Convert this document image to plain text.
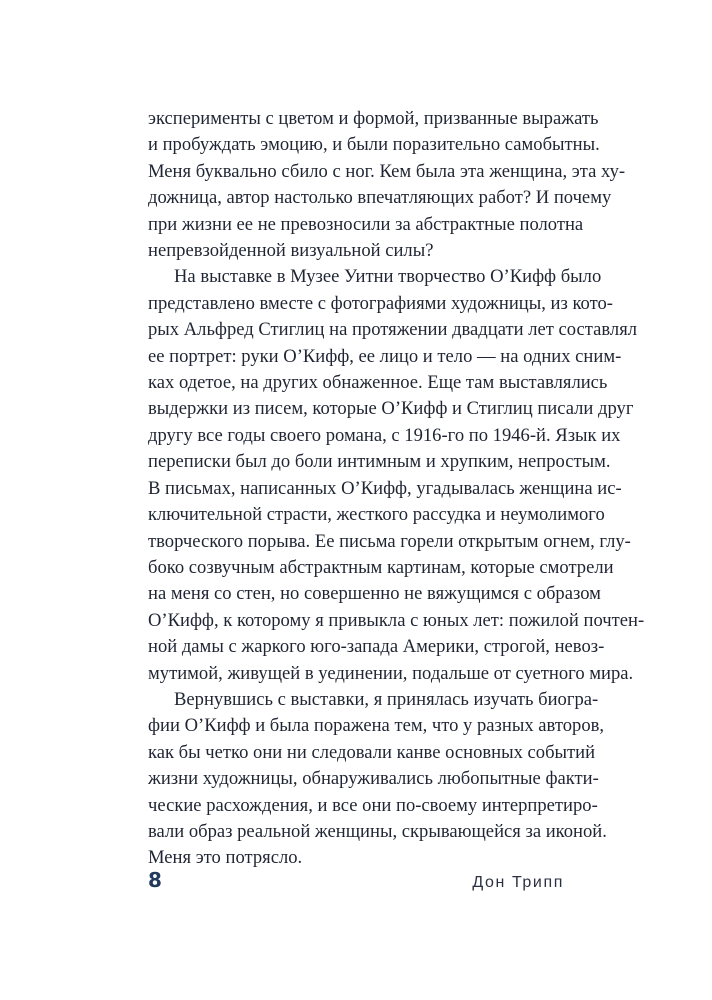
эксперименты с цветом и формой, призванные выражать
и пробуждать эмоцию, и были поразительно самобытны.
Меня буквально сбило с ног. Кем была эта женщина, эта ху-
дожница, автор настолько впечатляющих работ? И почему
при жизни ее не превозносили за абстрактные полотна
непревзойденной визуальной силы?
На выставке в Музее Уитни творчество О’Кифф было
представлено вместе с фотографиями художницы, из кото-
рых Альфред Стиглиц на протяжении двадцати лет составлял
ее портрет: руки О’Кифф, ее лицо и тело — на одних сним-
ках одетое, на других обнаженное. Еще там выставлялись
выдержки из писем, которые О’Кифф и Стиглиц писали друг
другу все годы своего романа, с 1916-го по 1946-й. Язык их
переписки был до боли интимным и хрупким, непростым.
В письмах, написанных О’Кифф, угадывалась женщина ис-
ключительной страсти, жесткого рассудка и неумолимого
творческого порыва. Ее письма горели открытым огнем, глу-
боко созвучным абстрактным картинам, которые смотрели
на меня со стен, но совершенно не вяжущимся с образом
О’Кифф, к которому я привыкла с юных лет: пожилой почтен-
ной дамы с жаркого юго-запада Америки, строгой, невоз-
мутимой, живущей в уединении, подальше от суетного мира.
Вернувшись с выставки, я принялась изучать биогра-
фии О’Кифф и была поражена тем, что у разных авторов,
как бы четко они ни следовали канве основных событий
жизни художницы, обнаруживались любопытные факти-
ческие расхождения, и все они по-своему интерпретиро-
вали образ реальной женщины, скрывающейся за иконой.
Меня это потрясло.
8	Дон Трипп
